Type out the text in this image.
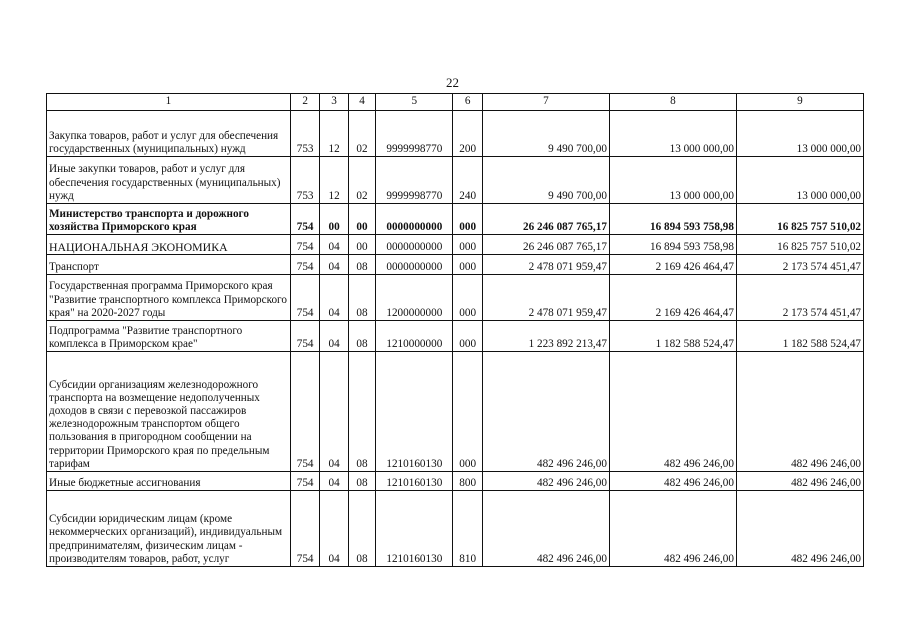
22
1	2	3	4	5	6	7	8	9
Закупка товаров, работ и услуг для обеспечения государственных (муниципальных) нужд	753	12	02	9999998770	200	9 490 700,00	13 000 000,00	13 000 000,00
Иные закупки товаров, работ и услуг для обеспечения государственных (муниципальных) нужд	753	12	02	9999998770	240	9 490 700,00	13 000 000,00	13 000 000,00
Министерство транспорта и дорожного хозяйства Приморского края	754	00	00	0000000000	000	26 246 087 765,17	16 894 593 758,98	16 825 757 510,02
НАЦИОНАЛЬНАЯ ЭКОНОМИКА	754	04	00	0000000000	000	26 246 087 765,17	16 894 593 758,98	16 825 757 510,02
Транспорт	754	04	08	0000000000	000	2 478 071 959,47	2 169 426 464,47	2 173 574 451,47
Государственная программа Приморского края "Развитие транспортного комплекса Приморского края" на 2020-2027 годы	754	04	08	1200000000	000	2 478 071 959,47	2 169 426 464,47	2 173 574 451,47
Подпрограмма "Развитие транспортного комплекса в Приморском крае"	754	04	08	1210000000	000	1 223 892 213,47	1 182 588 524,47	1 182 588 524,47
Субсидии организациям железнодорожного транспорта на возмещение недополученных доходов в связи с перевозкой пассажиров железнодорожным транспортом общего пользования в пригородном сообщении на территории Приморского края по предельным тарифам	754	04	08	1210160130	000	482 496 246,00	482 496 246,00	482 496 246,00
Иные бюджетные ассигнования	754	04	08	1210160130	800	482 496 246,00	482 496 246,00	482 496 246,00
Субсидии юридическим лицам (кроме некоммерческих организаций), индивидуальным предпринимателям, физическим лицам - производителям товаров, работ, услуг	754	04	08	1210160130	810	482 496 246,00	482 496 246,00	482 496 246,00
